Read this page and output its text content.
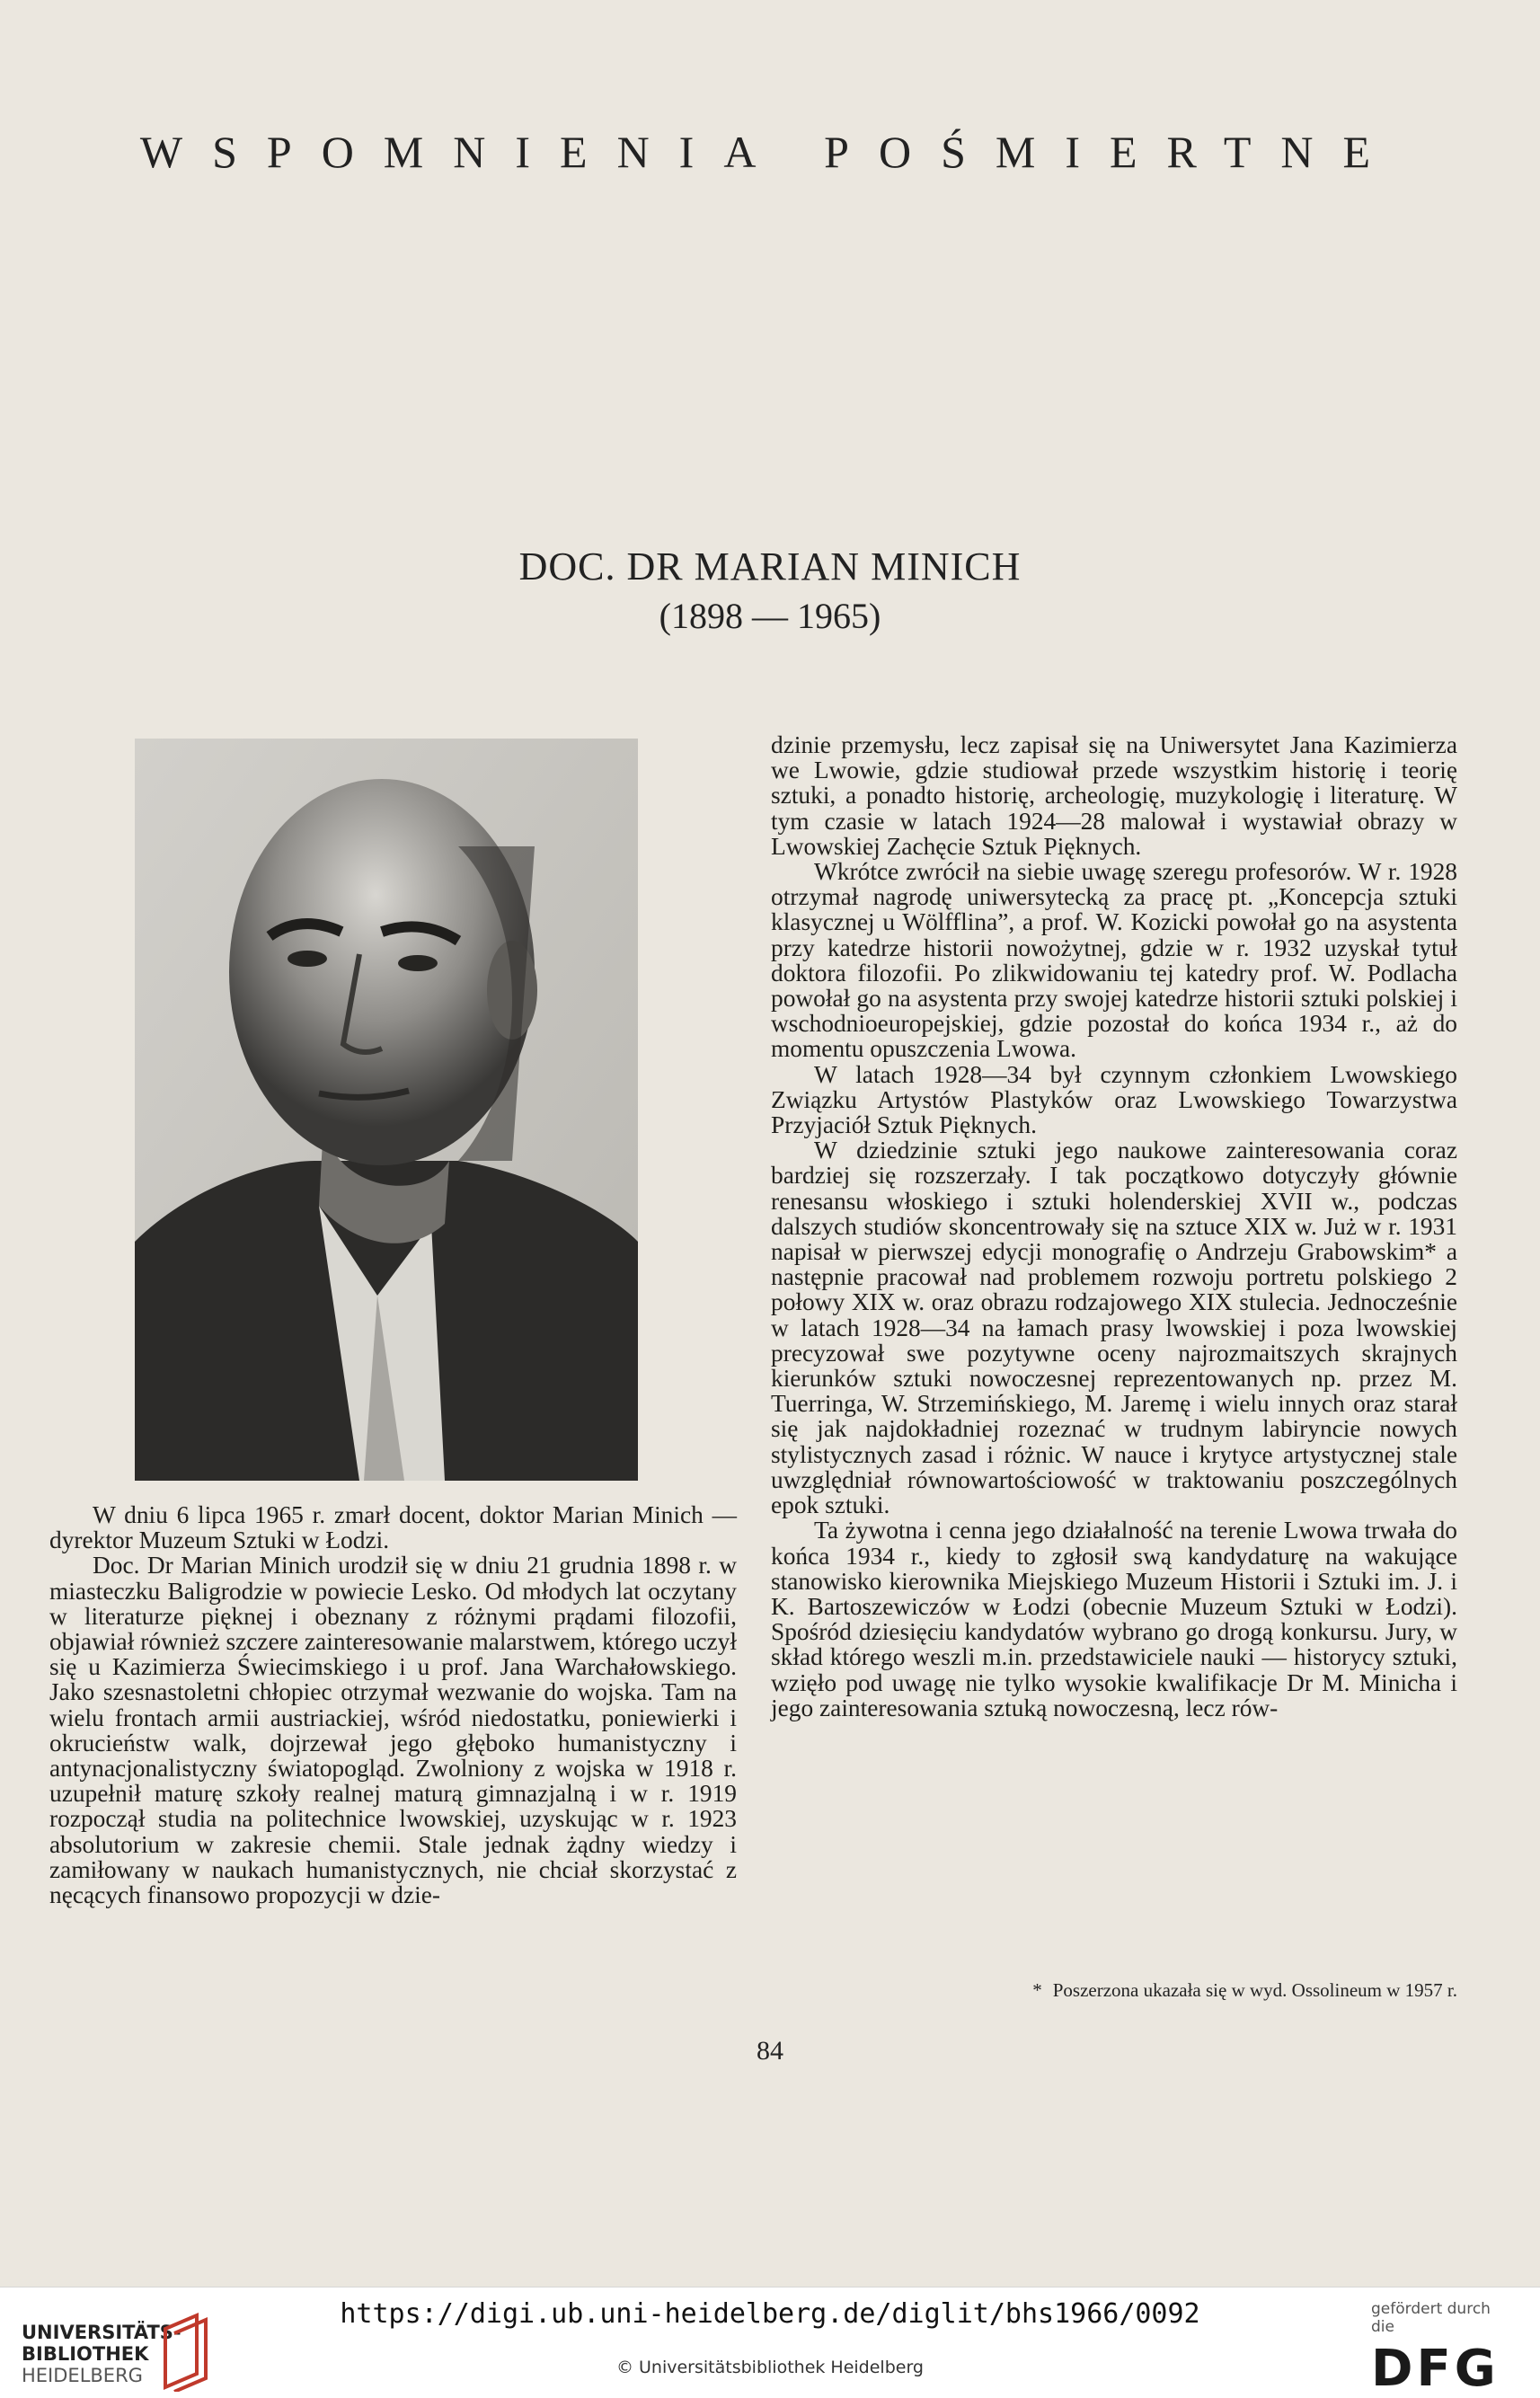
WSPOMNIENIA POŚMIERTNE
DOC. DR MARIAN MINICH
(1898 — 1965)

W dniu 6 lipca 1965 r. zmarł docent, doktor Marian Minich — dyrektor Muzeum Sztuki w Łodzi.

Doc. Dr Marian Minich urodził się w dniu 21 grudnia 1898 r. w miasteczku Baligrodzie w powiecie Lesko. Od młodych lat oczytany w literaturze pięknej i obeznany z różnymi prądami filozofii, objawiał również szczere zainteresowanie malarstwem, którego uczył się u Kazimierza Świecimskiego i u prof. Jana Warchałowskiego. Jako szesnastoletni chłopiec otrzymał wezwanie do wojska. Tam na wielu frontach armii austriackiej, wśród niedostatku, poniewierki i okrucieństw walk, dojrzewał jego głęboko humanistyczny i antynacjonalistyczny światopogląd. Zwolniony z wojska w 1918 r. uzupełnił maturę szkoły realnej maturą gimnazjalną i w r. 1919 rozpoczął studia na politechnice lwowskiej, uzyskując w r. 1923 absolutorium w zakresie chemii. Stale jednak żądny wiedzy i zamiłowany w naukach humanistycznych, nie chciał skorzystać z nęcących finansowo propozycji w dzie-

dzinie przemysłu, lecz zapisał się na Uniwersytet Jana Kazimierza we Lwowie, gdzie studiował przede wszystkim historię i teorię sztuki, a ponadto historię, archeologię, muzykologię i literaturę. W tym czasie w latach 1924—28 malował i wystawiał obrazy w Lwowskiej Zachęcie Sztuk Pięknych.

Wkrótce zwrócił na siebie uwagę szeregu profesorów. W r. 1928 otrzymał nagrodę uniwersytecką za pracę pt. „Koncepcja sztuki klasycznej u Wölfflina”, a prof. W. Kozicki powołał go na asystenta przy katedrze historii nowożytnej, gdzie w r. 1932 uzyskał tytuł doktora filozofii. Po zlikwidowaniu tej katedry prof. W. Podlacha powołał go na asystenta przy swojej katedrze historii sztuki polskiej i wschodnioeuropejskiej, gdzie pozostał do końca 1934 r., aż do momentu opuszczenia Lwowa.

W latach 1928—34 był czynnym członkiem Lwowskiego Związku Artystów Plastyków oraz Lwowskiego Towarzystwa Przyjaciół Sztuk Pięknych.

W dziedzinie sztuki jego naukowe zainteresowania coraz bardziej się rozszerzały. I tak początkowo dotyczyły głównie renesansu włoskiego i sztuki holenderskiej XVII w., podczas dalszych studiów skoncentrowały się na sztuce XIX w. Już w r. 1931 napisał w pierwszej edycji monografię o Andrzeju Grabowskim* a następnie pracował nad problemem rozwoju portretu polskiego 2 połowy XIX w. oraz obrazu rodzajowego XIX stulecia. Jednocześnie w latach 1928—34 na łamach prasy lwowskiej i poza lwowskiej precyzował swe pozytywne oceny najrozmaitszych skrajnych kierunków sztuki nowoczesnej reprezentowanych np. przez M. Tuerringa, W. Strzemińskiego, M. Jaremę i wielu innych oraz starał się jak najdokładniej rozeznać w trudnym labiryncie nowych stylistycznych zasad i różnic. W nauce i krytyce artystycznej stale uwzględniał równowartościowość w traktowaniu poszczególnych epok sztuki.

Ta żywotna i cenna jego działalność na terenie Lwowa trwała do końca 1934 r., kiedy to zgłosił swą kandydaturę na wakujące stanowisko kierownika Miejskiego Muzeum Historii i Sztuki im. J. i K. Bartoszewiczów w Łodzi (obecnie Muzeum Sztuki w Łodzi). Spośród dziesięciu kandydatów wybrano go drogą konkursu. Jury, w skład którego weszli m.in. przedstawiciele nauki — historycy sztuki, wzięło pod uwagę nie tylko wysokie kwalifikacje Dr M. Minicha i jego zainteresowania sztuką nowoczesną, lecz rów-

* Poszerzona ukazała się w wyd. Ossolineum w 1957 r.
84
UNIVERSITÄTS-
BIBLIOTHEK
HEIDELBERG
https://digi.ub.uni-heidelberg.de/diglit/bhs1966/0092
© Universitätsbibliothek Heidelberg
gefördert durch die
DFG
